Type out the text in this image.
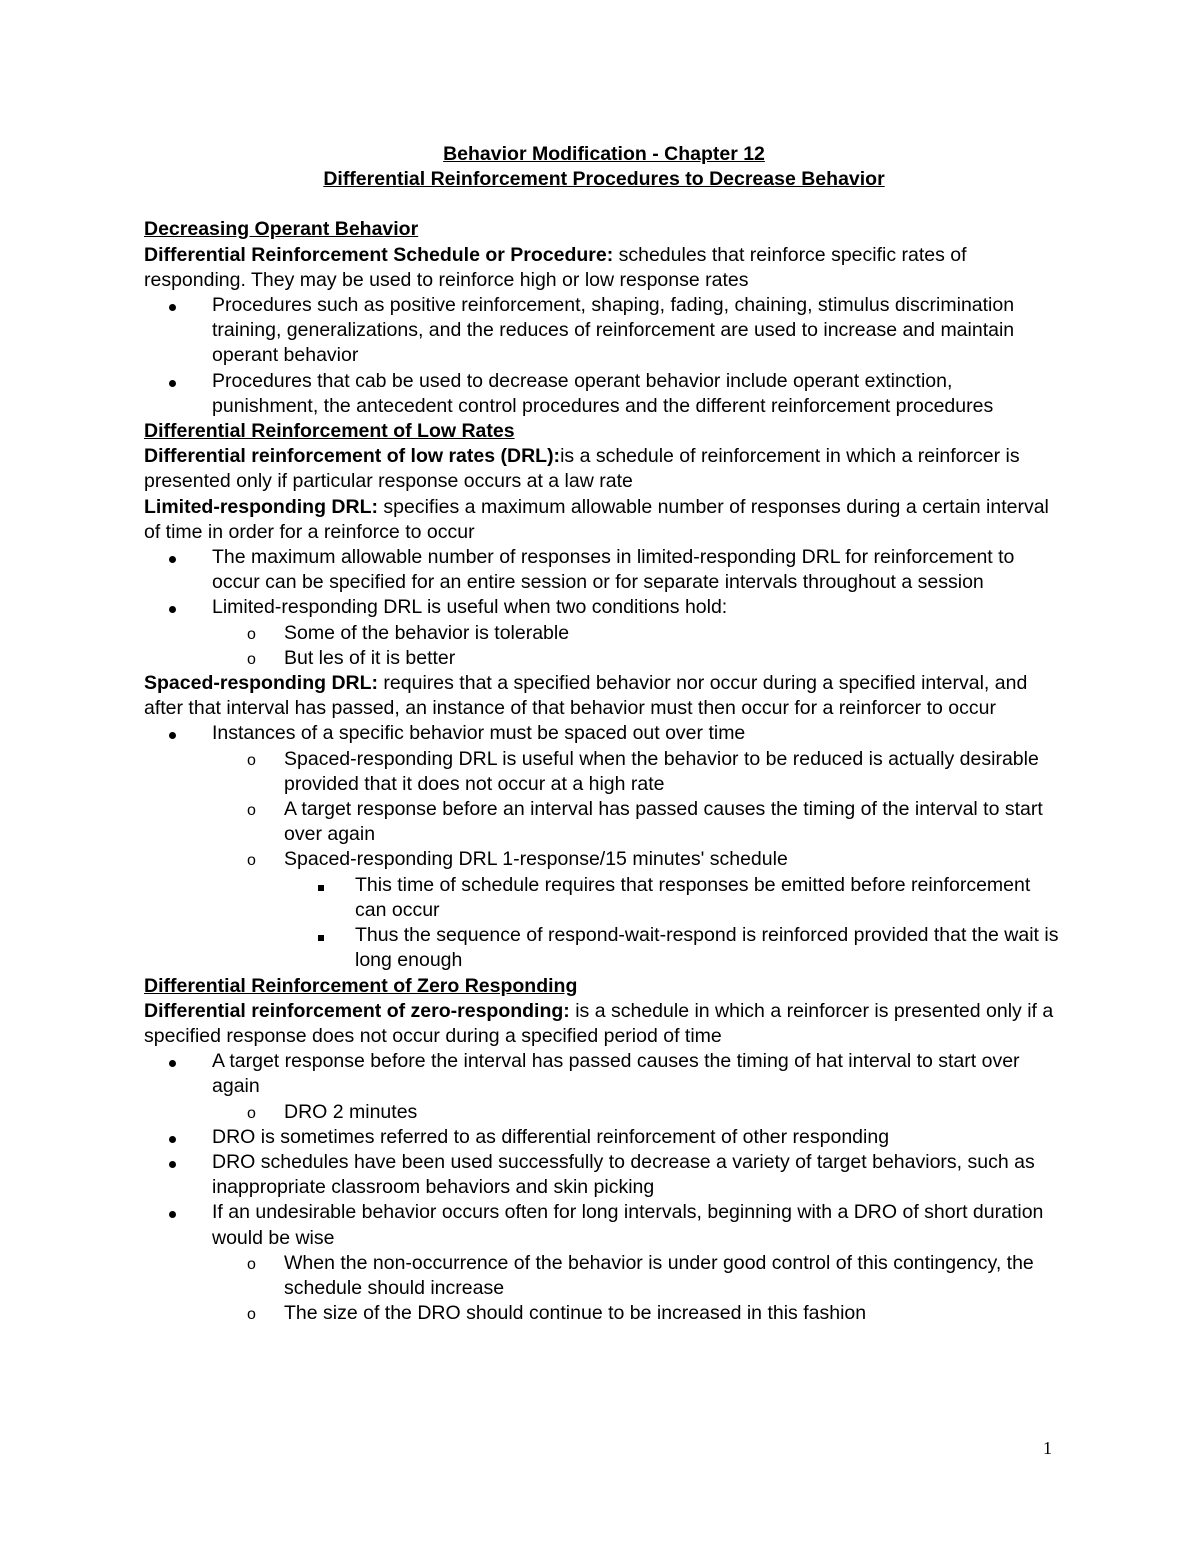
Behavior Modification - Chapter 12
Differential Reinforcement Procedures to Decrease Behavior
Decreasing Operant Behavior
Differential Reinforcement Schedule or Procedure: schedules that reinforce specific rates of responding. They may be used to reinforce high or low response rates
Procedures such as positive reinforcement, shaping, fading, chaining, stimulus discrimination training, generalizations, and the reduces of reinforcement are used to increase and maintain operant behavior
Procedures that cab be used to decrease operant behavior include operant extinction, punishment, the antecedent control procedures and the different reinforcement procedures
Differential Reinforcement of Low Rates
Differential reinforcement of low rates (DRL):is a schedule of reinforcement in which a reinforcer is presented only if particular response occurs at a law rate
Limited-responding DRL: specifies a maximum allowable number of responses during a certain interval of time in order for a reinforce to occur
The maximum allowable number of responses in limited-responding DRL for reinforcement to occur can be specified for an entire session or for separate intervals throughout a session
Limited-responding DRL is useful when two conditions hold:
o Some of the behavior is tolerable
o But les of it is better
Spaced-responding DRL: requires that a specified behavior nor occur during a specified interval, and after that interval has passed, an instance of that behavior must then occur for a reinforcer to occur
Instances of a specific behavior must be spaced out over time
o Spaced-responding DRL is useful when the behavior to be reduced is actually desirable provided that it does not occur at a high rate
o A target response before an interval has passed causes the timing of the interval to start over again
o Spaced-responding DRL 1-response/15 minutes' schedule
This time of schedule requires that responses be emitted before reinforcement can occur
Thus the sequence of respond-wait-respond is reinforced provided that the wait is long enough
Differential Reinforcement of Zero Responding
Differential reinforcement of zero-responding: is a schedule in which a reinforcer is presented only if a specified response does not occur during a specified period of time
A target response before the interval has passed causes the timing of hat interval to start over again
o DRO 2 minutes
DRO is sometimes referred to as differential reinforcement of other responding
DRO schedules have been used successfully to decrease a variety of target behaviors, such as inappropriate classroom behaviors and skin picking
If an undesirable behavior occurs often for long intervals, beginning with a DRO of short duration would be wise
o When the non-occurrence of the behavior is under good control of this contingency, the schedule should increase
o The size of the DRO should continue to be increased in this fashion
1
